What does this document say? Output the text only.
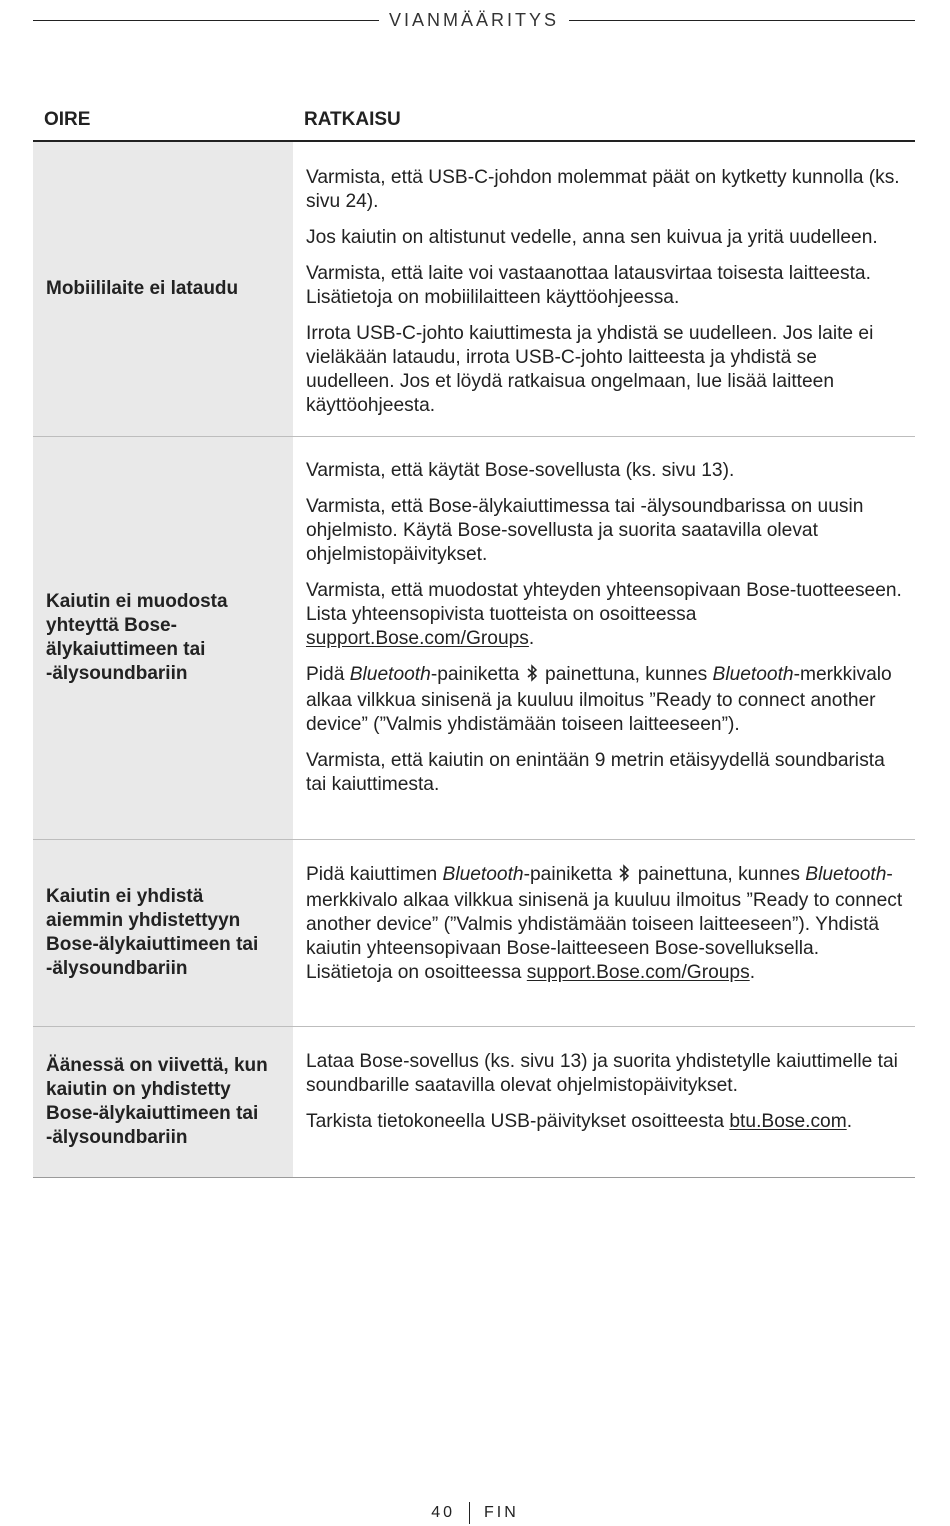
VIANMÄÄRITYS
OIRE	RATKAISU
Mobiililaite ei lataudu

Varmista, että USB-C-johdon molemmat päät on kytketty kunnolla (ks. sivu 24).

Jos kaiutin on altistunut vedelle, anna sen kuivua ja yritä uudelleen.

Varmista, että laite voi vastaanottaa latausvirtaa toisesta laitteesta. Lisätietoja on mobiililaitteen käyttöohjeessa.

Irrota USB-C-johto kaiuttimesta ja yhdistä se uudelleen. Jos laite ei vieläkään lataudu, irrota USB-C-johto laitteesta ja yhdistä se uudelleen. Jos et löydä ratkaisua ongelmaan, lue lisää laitteen käyttöohjeesta.

Kaiutin ei muodosta yhteyttä Bose-älykaiuttimeen tai -älysoundbariin

Varmista, että käytät Bose-sovellusta (ks. sivu 13).

Varmista, että Bose-älykaiuttimessa tai -älysoundbarissa on uusin ohjelmisto. Käytä Bose-sovellusta ja suorita saatavilla olevat ohjelmistopäivitykset.

Varmista, että muodostat yhteyden yhteensopivaan Bose-tuotteeseen. Lista yhteensopivista tuotteista on osoitteessa support.Bose.com/Groups.

Pidä Bluetooth-painiketta  painettuna, kunnes Bluetooth-merkkivalo alkaa vilkkua sinisenä ja kuuluu ilmoitus ”Ready to connect another device” (”Valmis yhdistämään toiseen laitteeseen”).

Varmista, että kaiutin on enintään 9 metrin etäisyydellä soundbarista tai kaiuttimesta.

Kaiutin ei yhdistä aiemmin yhdistettyyn Bose-älykaiuttimeen tai -älysoundbariin

Pidä kaiuttimen Bluetooth-painiketta  painettuna, kunnes Bluetooth-merkkivalo alkaa vilkkua sinisenä ja kuuluu ilmoitus ”Ready to connect another device” (”Valmis yhdistämään toiseen laitteeseen”). Yhdistä kaiutin yhteensopivaan Bose-laitteeseen Bose-sovelluksella. Lisätietoja on osoitteessa support.Bose.com/Groups.

Äänessä on viivettä, kun kaiutin on yhdistetty Bose-älykaiuttimeen tai -älysoundbariin

Lataa Bose-sovellus (ks. sivu 13) ja suorita yhdistetylle kaiuttimelle tai soundbarille saatavilla olevat ohjelmistopäivitykset.

Tarkista tietokoneella USB-päivitykset osoitteesta btu.Bose.com.

40 FIN
